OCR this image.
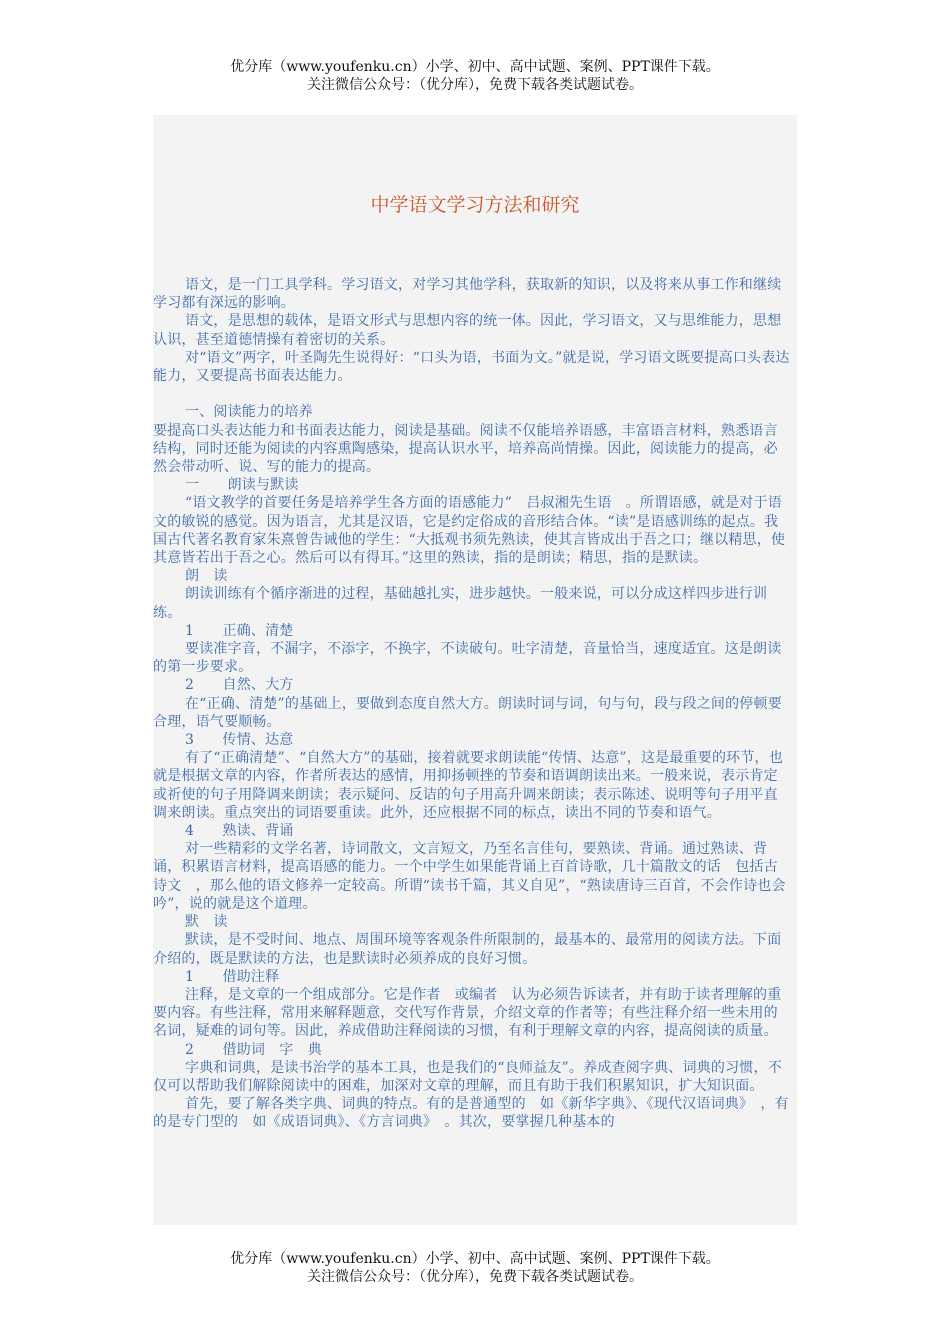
优分库（www.youfenku.cn）小学、初中、高中试题、案例、PPT课件下载。
关注微信公众号：（优分库），免费下载各类试题试卷。
中学语文学习方法和研究

语文，是一门工具学科。学习语文，对学习其他学科，获取新的知识，以及将来从事工作和继续学习都有深远的影响。

语文，是思想的载体，是语文形式与思想内容的统一体。因此，学习语文，又与思维能力，思想认识，甚至道德情操有着密切的关系。

对“语文”两字，叶圣陶先生说得好：“口头为语，书面为文。”就是说，学习语文既要提高口头表达能力，又要提高书面表达能力。

一、阅读能力的培养

要提高口头表达能力和书面表达能力，阅读是基础。阅读不仅能培养语感，丰富语言材料，熟悉语言结构，同时还能为阅读的内容熏陶感染，提高认识水平，培养高尚情操。因此，阅读能力的提高，必然会带动听、说、写的能力的提高。

一　　朗读与默读

“语文教学的首要任务是培养学生各方面的语感能力”　吕叔湘先生语　。所谓语感，就是对于语文的敏锐的感觉。因为语言，尤其是汉语，它是约定俗成的音形结合体。“读”是语感训练的起点。我国古代著名教育家朱熹曾告诫他的学生：“大抵观书须先熟读，使其言皆成出于吾之口；继以精思，使其意皆若出于吾之心。然后可以有得耳。”这里的熟读，指的是朗读；精思，指的是默读。

朗　读

朗读训练有个循序渐进的过程，基础越扎实，进步越快。一般来说，可以分成这样四步进行训练。

1　　正确、清楚

要读准字音，不漏字，不添字，不换字，不读破句。吐字清楚，音量恰当，速度适宜。这是朗读的第一步要求。

2　　自然、大方

在“正确、清楚”的基础上，要做到态度自然大方。朗读时词与词，句与句，段与段之间的停顿要合理，语气要顺畅。

3　　传情、达意

有了“正确清楚”、“自然大方”的基础，接着就要求朗读能“传情、达意”，这是最重要的环节，也就是根据文章的内容，作者所表达的感情，用抑扬顿挫的节奏和语调朗读出来。一般来说，表示肯定或祈使的句子用降调来朗读；表示疑问、反诘的句子用高升调来朗读；表示陈述、说明等句子用平直调来朗读。重点突出的词语要重读。此外，还应根据不同的标点，读出不同的节奏和语气。

4　　熟读、背诵

对一些精彩的文学名著，诗词散文，文言短文，乃至名言佳句，要熟读、背诵。通过熟读、背诵，积累语言材料，提高语感的能力。一个中学生如果能背诵上百首诗歌，几十篇散文的话　包括古诗文　，那么他的语文修养一定较高。所谓“读书千篇，其义自见”，“熟读唐诗三百首，不会作诗也会吟”，说的就是这个道理。

默　读

默读，是不受时间、地点、周围环境等客观条件所限制的，最基本的、最常用的阅读方法。下面介绍的，既是默读的方法，也是默读时必须养成的良好习惯。

1　　借助注释

注释，是文章的一个组成部分。它是作者　或编者　认为必须告诉读者，并有助于读者理解的重要内容。有些注释，常用来解释题意，交代写作背景，介绍文章的作者等；有些注释介绍一些未用的名词，疑难的词句等。因此，养成借助注释阅读的习惯，有利于理解文章的内容，提高阅读的质量。

2　　借助词　字　典

字典和词典，是读书治学的基本工具，也是我们的“良师益友”。养成查阅字典、词典的习惯，不仅可以帮助我们解除阅读中的困难，加深对文章的理解，而且有助于我们积累知识，扩大知识面。

首先，要了解各类字典、词典的特点。有的是普通型的　如《新华字典》、《现代汉语词典》　，有的是专门型的　如《成语词典》、《方言词典》　。其次，要掌握几种基本的

优分库（www.youfenku.cn）小学、初中、高中试题、案例、PPT课件下载。
关注微信公众号：（优分库），免费下载各类试题试卷。
